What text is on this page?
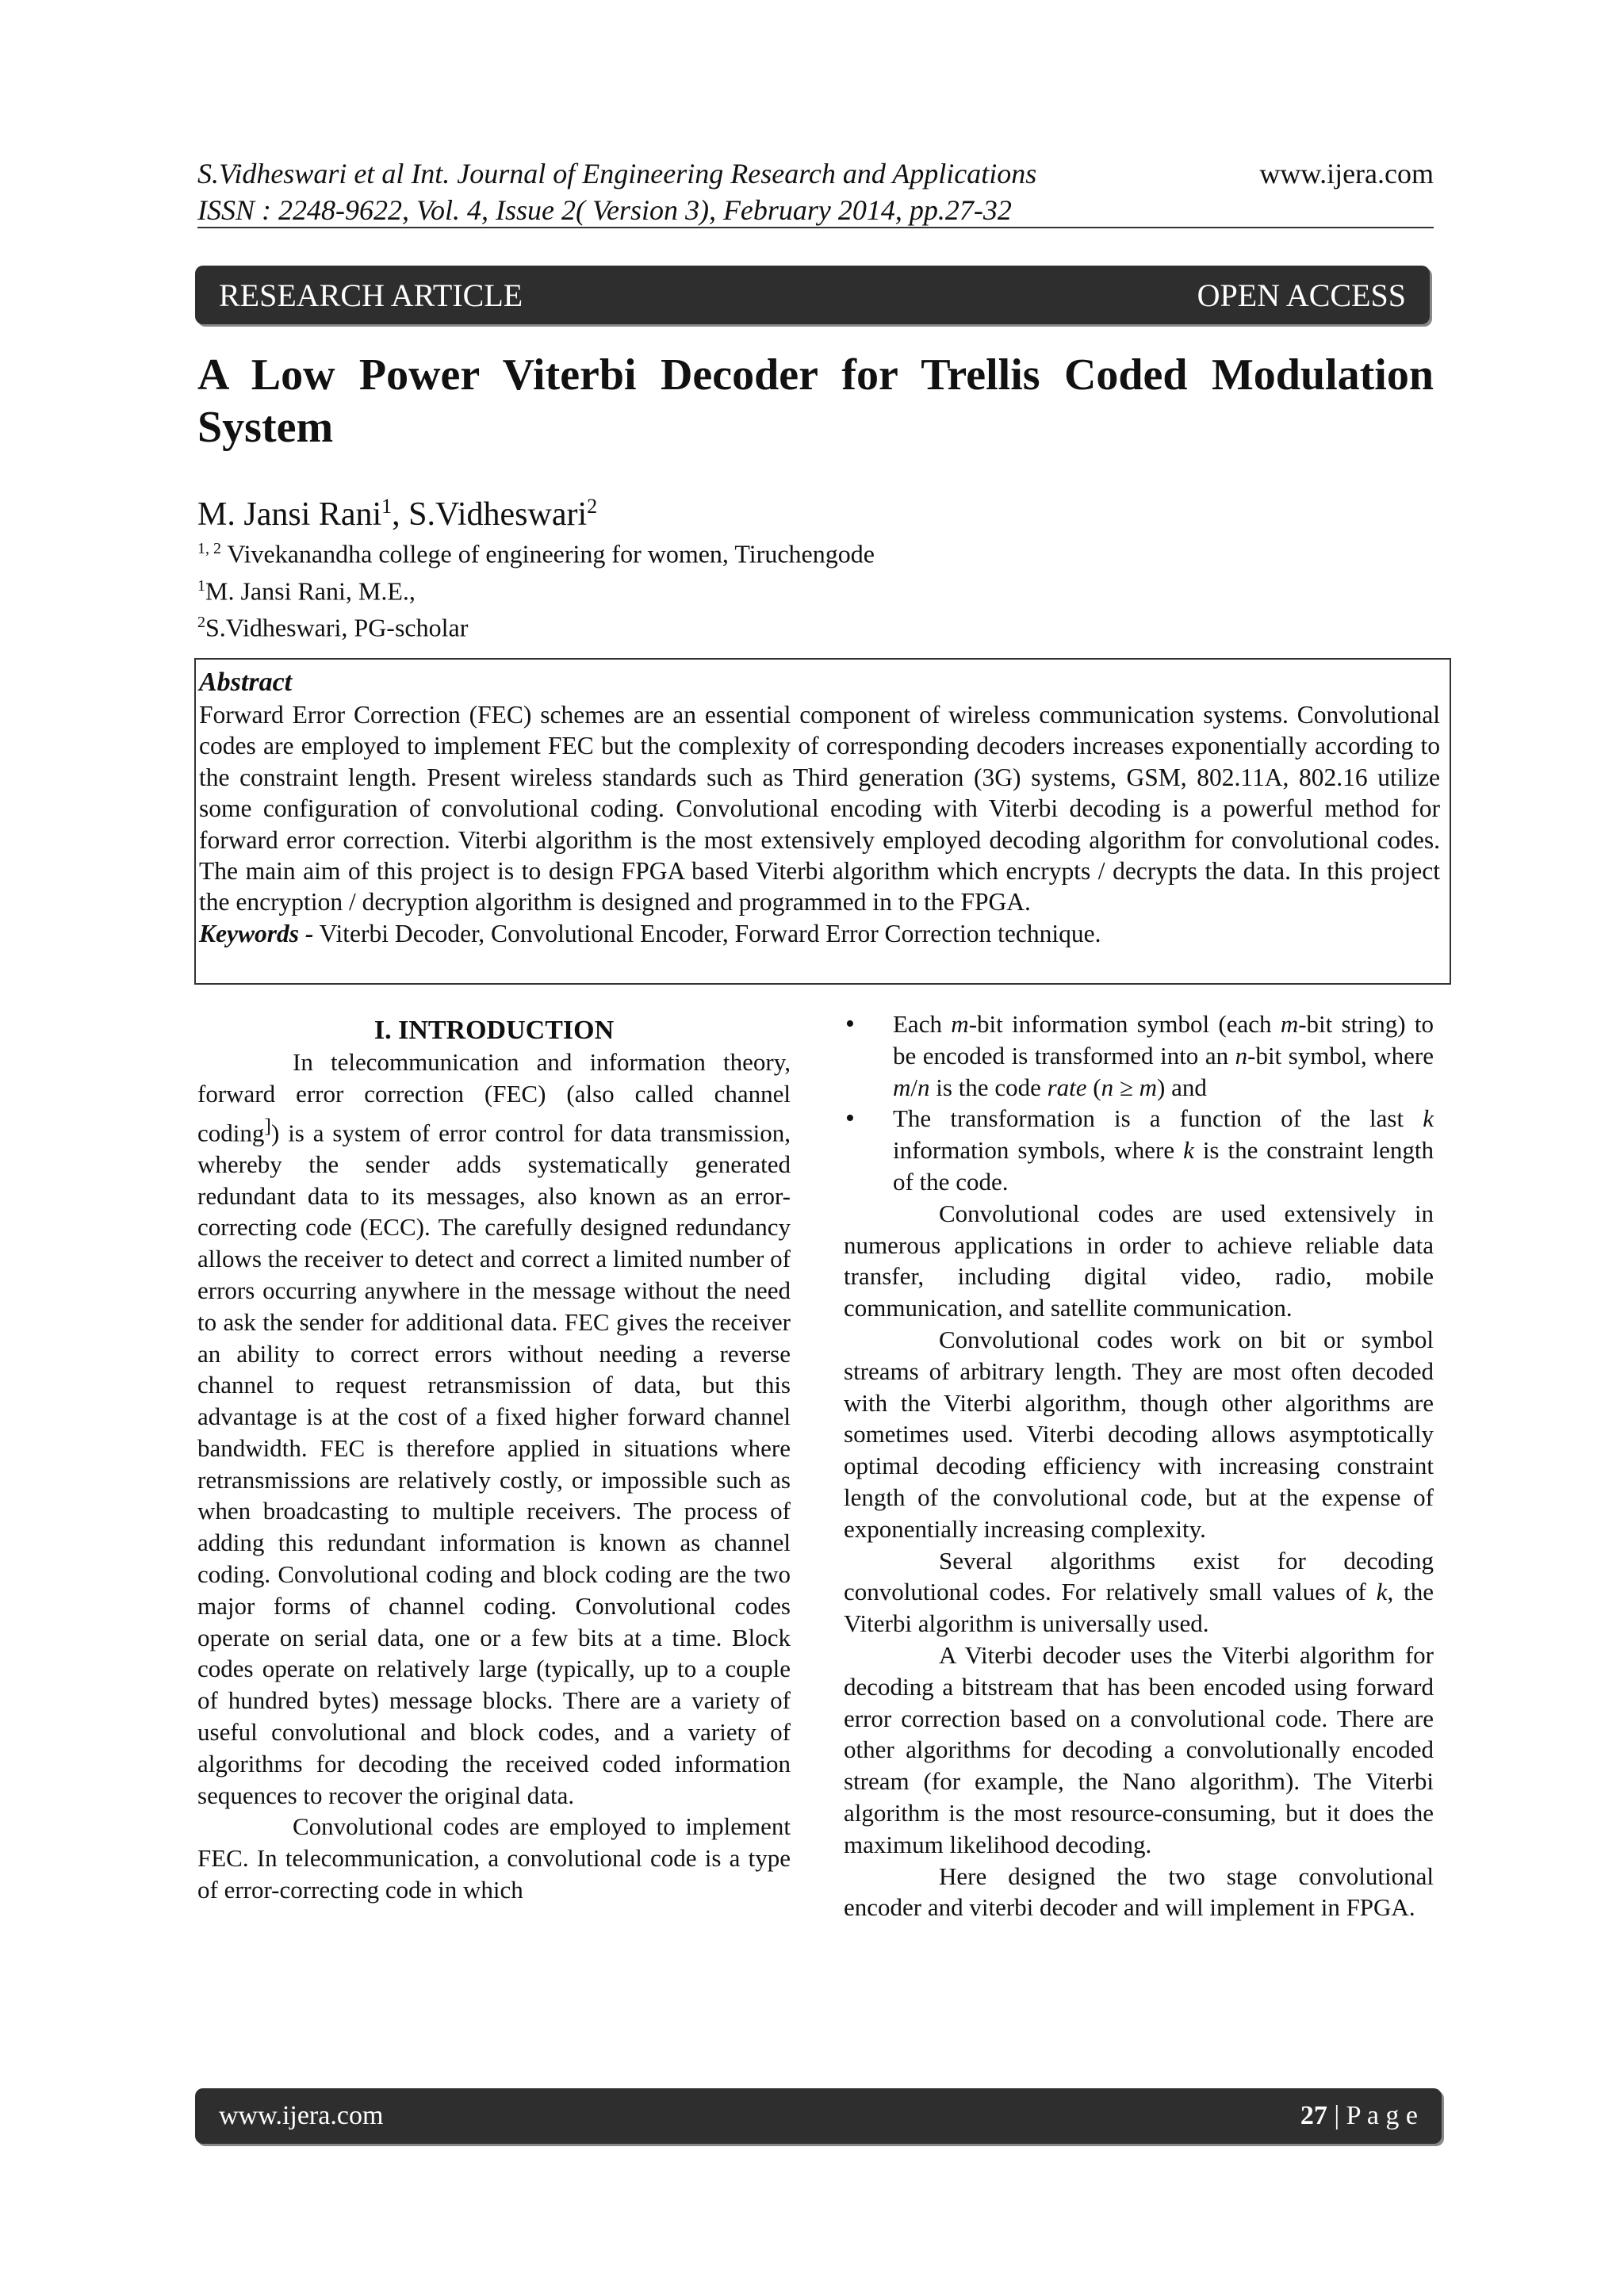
S.Vidheswari et al Int. Journal of Engineering Research and Applications
ISSN : 2248-9622, Vol. 4, Issue 2( Version 3), February 2014, pp.27-32
www.ijera.com
RESEARCH ARTICLE	OPEN ACCESS
A Low Power Viterbi Decoder for Trellis Coded Modulation System
M. Jansi Rani$^1$, S.Vidheswari$^2$
$^{1, 2}$ Vivekanandha college of engineering for women, Tiruchengode
$^1$M. Jansi Rani, M.E.,
$^2$S.Vidheswari, PG-scholar
Abstract
Forward Error Correction (FEC) schemes are an essential component of wireless communication systems. Convolutional codes are employed to implement FEC but the complexity of corresponding decoders increases exponentially according to the constraint length. Present wireless standards such as Third generation (3G) systems, GSM, 802.11A, 802.16 utilize some configuration of convolutional coding. Convolutional encoding with Viterbi decoding is a powerful method for forward error correction. Viterbi algorithm is the most extensively employed decoding algorithm for convolutional codes. The main aim of this project is to design FPGA based Viterbi algorithm which encrypts / decrypts the data. In this project the encryption / decryption algorithm is designed and programmed in to the FPGA.
Keywords - Viterbi Decoder, Convolutional Encoder, Forward Error Correction technique.
I. INTRODUCTION

In telecommunication and information theory, forward error correction (FEC) (also called channel coding]) is a system of error control for data transmission, whereby the sender adds systematically generated redundant data to its messages, also known as an error-correcting code (ECC). The carefully designed redundancy allows the receiver to detect and correct a limited number of errors occurring anywhere in the message without the need to ask the sender for additional data. FEC gives the receiver an ability to correct errors without needing a reverse channel to request retransmission of data, but this advantage is at the cost of a fixed higher forward channel bandwidth. FEC is therefore applied in situations where retransmissions are relatively costly, or impossible such as when broadcasting to multiple receivers. The process of adding this redundant information is known as channel coding. Convolutional coding and block coding are the two major forms of channel coding. Convolutional codes operate on serial data, one or a few bits at a time. Block codes operate on relatively large (typically, up to a couple of hundred bytes) message blocks. There are a variety of useful convolutional and block codes, and a variety of algorithms for decoding the received coded information sequences to recover the original data.

Convolutional codes are employed to implement FEC. In telecommunication, a convolutional code is a type of error-correcting code in which

• Each m-bit information symbol (each m-bit string) to be encoded is transformed into an n-bit symbol, where m/n is the code rate (n ≥ m) and
• The transformation is a function of the last k information symbols, where k is the constraint length of the code.

Convolutional codes are used extensively in numerous applications in order to achieve reliable data transfer, including digital video, radio, mobile communication, and satellite communication.

Convolutional codes work on bit or symbol streams of arbitrary length. They are most often decoded with the Viterbi algorithm, though other algorithms are sometimes used. Viterbi decoding allows asymptotically optimal decoding efficiency with increasing constraint length of the convolutional code, but at the expense of exponentially increasing complexity.

Several algorithms exist for decoding convolutional codes. For relatively small values of k, the Viterbi algorithm is universally used.

A Viterbi decoder uses the Viterbi algorithm for decoding a bitstream that has been encoded using forward error correction based on a convolutional code. There are other algorithms for decoding a convolutionally encoded stream (for example, the Nano algorithm). The Viterbi algorithm is the most resource-consuming, but it does the maximum likelihood decoding.

Here designed the two stage convolutional encoder and viterbi decoder and will implement in FPGA.

www.ijera.com	27 | P a g e
